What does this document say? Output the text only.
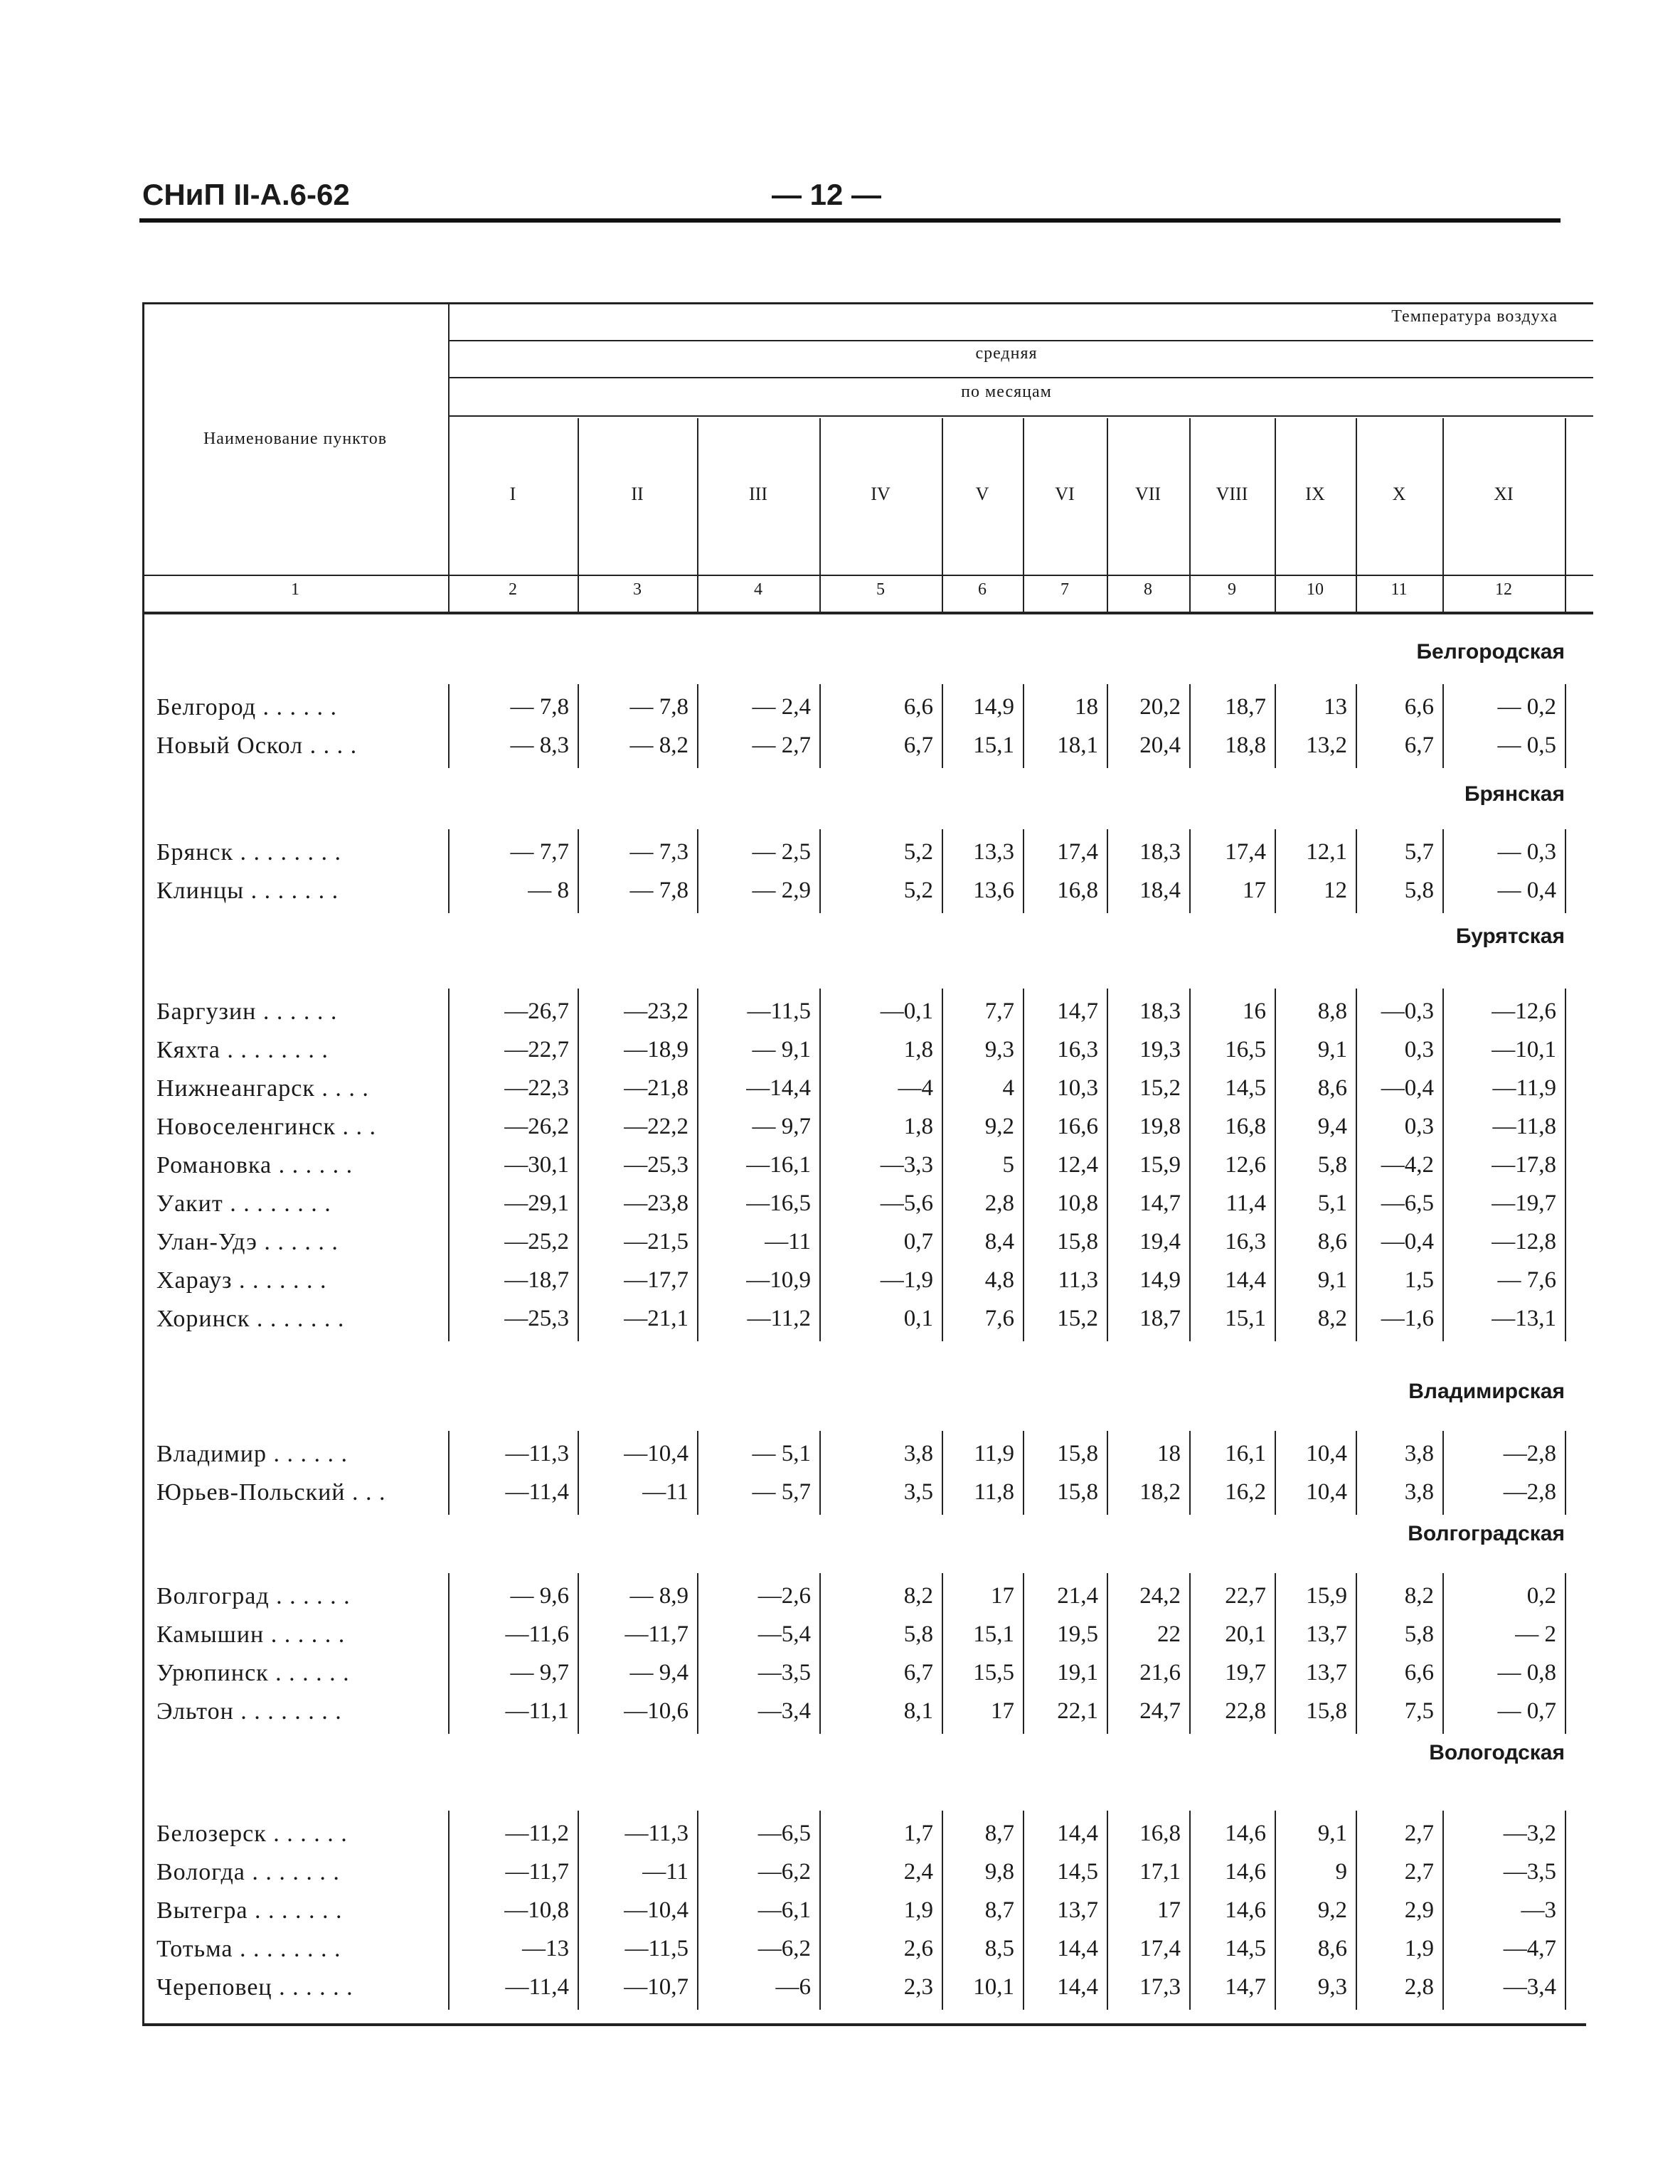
СНиП II-А.6-62	— 12 —
Температура воздуха
средняя
по месяцам
Наименование пунктов
I	II	III	IV	V	VI	VII	VIII	IX	X	XI
1	2	3	4	5	6	7	8	9	10	11	12
Белгородская
Белгород . . . . . .	— 7,8	— 7,8	— 2,4	6,6	14,9	18	20,2	18,7	13	6,6	— 0,2
Новый Оскол . . . .	— 8,3	— 8,2	— 2,7	6,7	15,1	18,1	20,4	18,8	13,2	6,7	— 0,5
Брянская
Брянск . . . . . . . .	— 7,7	— 7,3	— 2,5	5,2	13,3	17,4	18,3	17,4	12,1	5,7	— 0,3
Клинцы . . . . . . .	— 8	— 7,8	— 2,9	5,2	13,6	16,8	18,4	17	12	5,8	— 0,4
Бурятская
Баргузин . . . . . .	—26,7	—23,2	—11,5	—0,1	7,7	14,7	18,3	16	8,8	—0,3	—12,6
Кяхта . . . . . . . .	—22,7	—18,9	— 9,1	1,8	9,3	16,3	19,3	16,5	9,1	0,3	—10,1
Нижнеангарск . . . .	—22,3	—21,8	—14,4	—4	4	10,3	15,2	14,5	8,6	—0,4	—11,9
Новоселенгинск . . .	—26,2	—22,2	— 9,7	1,8	9,2	16,6	19,8	16,8	9,4	0,3	—11,8
Романовка . . . . . .	—30,1	—25,3	—16,1	—3,3	5	12,4	15,9	12,6	5,8	—4,2	—17,8
Уакит . . . . . . . .	—29,1	—23,8	—16,5	—5,6	2,8	10,8	14,7	11,4	5,1	—6,5	—19,7
Улан-Удэ . . . . . .	—25,2	—21,5	—11	0,7	8,4	15,8	19,4	16,3	8,6	—0,4	—12,8
Харауз . . . . . . .	—18,7	—17,7	—10,9	—1,9	4,8	11,3	14,9	14,4	9,1	1,5	— 7,6
Хоринск . . . . . . .	—25,3	—21,1	—11,2	0,1	7,6	15,2	18,7	15,1	8,2	—1,6	—13,1
Владимирская
Владимир . . . . . .	—11,3	—10,4	— 5,1	3,8	11,9	15,8	18	16,1	10,4	3,8	—2,8
Юрьев-Польский . . .	—11,4	—11	— 5,7	3,5	11,8	15,8	18,2	16,2	10,4	3,8	—2,8
Волгоградская
Волгоград . . . . . .	— 9,6	— 8,9	—2,6	8,2	17	21,4	24,2	22,7	15,9	8,2	0,2
Камышин . . . . . .	—11,6	—11,7	—5,4	5,8	15,1	19,5	22	20,1	13,7	5,8	— 2
Урюпинск . . . . . .	— 9,7	— 9,4	—3,5	6,7	15,5	19,1	21,6	19,7	13,7	6,6	— 0,8
Эльтон . . . . . . . .	—11,1	—10,6	—3,4	8,1	17	22,1	24,7	22,8	15,8	7,5	— 0,7
Вологодская
Белозерск . . . . . .	—11,2	—11,3	—6,5	1,7	8,7	14,4	16,8	14,6	9,1	2,7	—3,2
Вологда . . . . . . .	—11,7	—11	—6,2	2,4	9,8	14,5	17,1	14,6	9	2,7	—3,5
Вытегра . . . . . . .	—10,8	—10,4	—6,1	1,9	8,7	13,7	17	14,6	9,2	2,9	—3
Тотьма . . . . . . . .	—13	—11,5	—6,2	2,6	8,5	14,4	17,4	14,5	8,6	1,9	—4,7
Череповец . . . . . .	—11,4	—10,7	—6	2,3	10,1	14,4	17,3	14,7	9,3	2,8	—3,4
